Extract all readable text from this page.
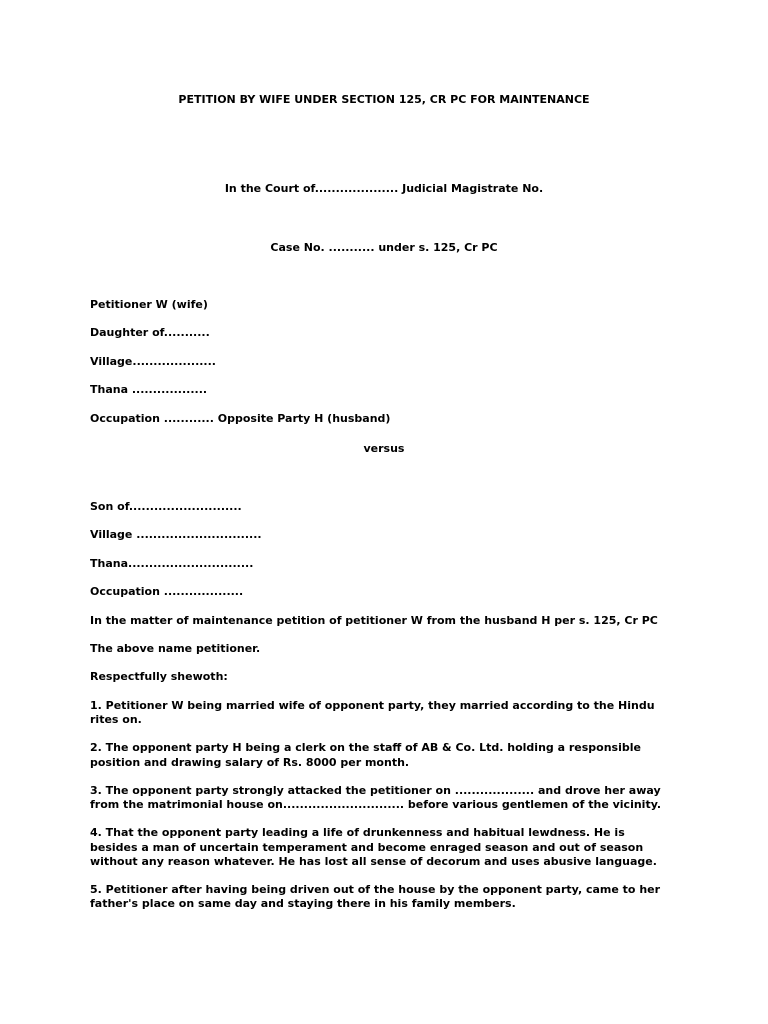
PETITION BY WIFE UNDER SECTION 125, CR PC FOR MAINTENANCE
In the Court of.................... Judicial Magistrate No.
Case No. ........... under s. 125, Cr PC
Petitioner W (wife)
Daughter of...........
Village....................
Thana ..................
Occupation ............ Opposite Party H (husband)
versus
Son of...........................
Village ..............................
Thana..............................
Occupation ...................
In the matter of maintenance petition of petitioner W from the husband H per s. 125, Cr PC
The above name petitioner.
Respectfully shewoth:
1. Petitioner W being married wife of opponent party, they married according to the Hindu
rites on.
2. The opponent party H being a clerk on the staff of AB & Co. Ltd. holding a responsible
position and drawing salary of Rs. 8000 per month.
3. The opponent party strongly attacked the petitioner on ................... and drove her away
from the matrimonial house on............................. before various gentlemen of the vicinity.
4. That the opponent party leading a life of drunkenness and habitual lewdness. He is
besides a man of uncertain temperament and become enraged season and out of season
without any reason whatever. He has lost all sense of decorum and uses abusive language.
5. Petitioner after having being driven out of the house by the opponent party, came to her
father's place on same day and staying there in his family members.
